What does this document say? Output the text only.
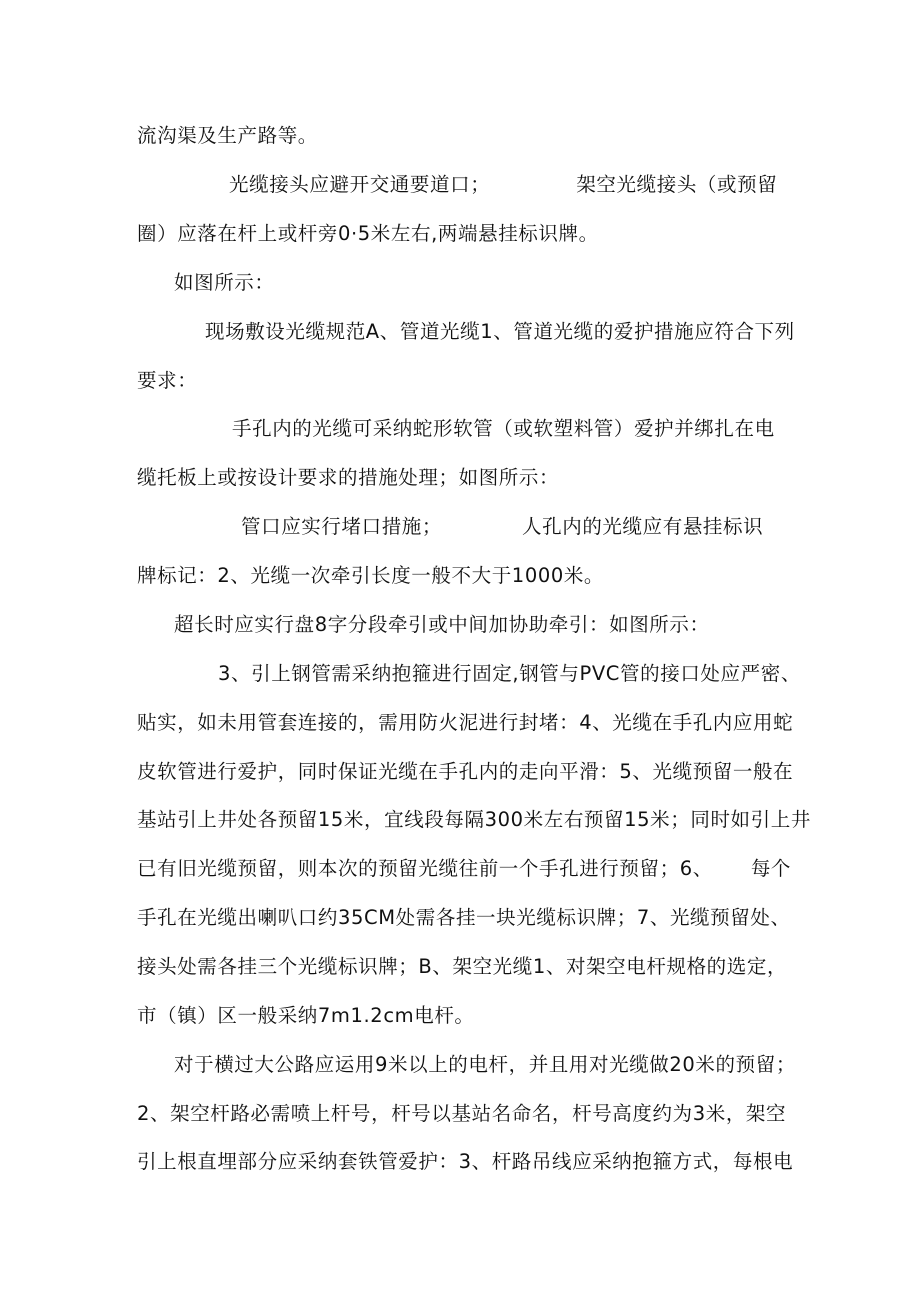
流沟渠及生产路等。
光缆接头应避开交通要道口；	架空光缆接头（或预留
圈）应落在杆上或杆旁0·5米左右,两端悬挂标识牌。
如图所示：
现场敷设光缆规范A、管道光缆1、管道光缆的爱护措施应符合下列
要求：
手孔内的光缆可采纳蛇形软管（或软塑料管）爱护并绑扎在电
缆托板上或按设计要求的措施处理；如图所示：
管口应实行堵口措施；	人孔内的光缆应有悬挂标识
牌标记：2、光缆一次牵引长度一般不大于1000米。
超长时应实行盘8字分段牵引或中间加协助牵引：如图所示：
3、引上钢管需采纳抱箍进行固定,钢管与PVC管的接口处应严密、
贴实，如未用管套连接的，需用防火泥进行封堵：4、光缆在手孔内应用蛇
皮软管进行爱护，同时保证光缆在手孔内的走向平滑：5、光缆预留一般在
基站引上井处各预留15米，宜线段每隔300米左右预留15米；同时如引上井
已有旧光缆预留，则本次的预留光缆往前一个手孔进行预留；6、 每个
手孔在光缆出喇叭口约35CM处需各挂一块光缆标识牌；7、光缆预留处、
接头处需各挂三个光缆标识牌；B、架空光缆1、对架空电杆规格的选定，
市（镇）区一般采纳7m1.2cm电杆。
对于横过大公路应运用9米以上的电杆，并且用对光缆做20米的预留；
2、架空杆路必需喷上杆号，杆号以基站名命名，杆号高度约为3米，架空
引上根直埋部分应采纳套铁管爱护：3、杆路吊线应采纳抱箍方式，每根电
